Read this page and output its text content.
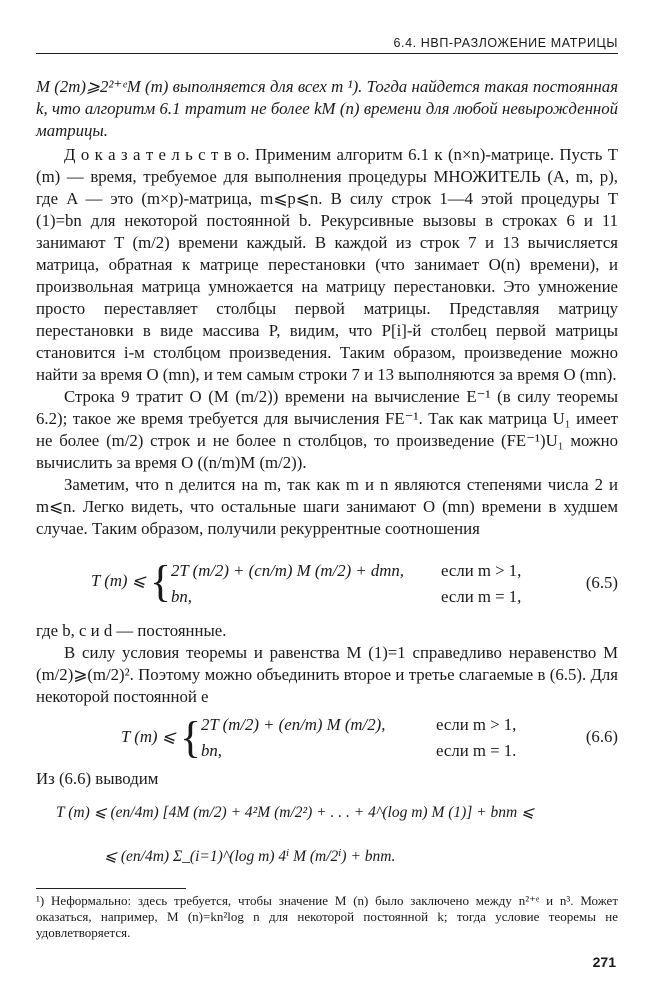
6.4. НВП-РАЗЛОЖЕНИЕ МАТРИЦЫ

M (2m)⩾2²⁺ᵉM (m) выполняется для всех m ¹). Тогда найдется такая постоянная k, что алгоритм 6.1 тратит не более kM (n) времени для любой невырожденной матрицы.

Д о к а з а т е л ь с т в о. Применим алгоритм 6.1 к (n×n)-матрице. Пусть T (m) — время, требуемое для выполнения процедуры МНОЖИТЕЛЬ (A, m, p), где A — это (m×p)-матрица, m⩽p⩽n. В силу строк 1—4 этой процедуры T (1)=bn для некоторой постоянной b. Рекурсивные вызовы в строках 6 и 11 занимают T (m/2) времени каждый. В каждой из строк 7 и 13 вычисляется матрица, обратная к матрице перестановки (что занимает O(n) времени), и произвольная матрица умножается на матрицу перестановки. Это умножение просто переставляет столбцы первой матрицы. Представляя матрицу перестановки в виде массива P, видим, что P[i]-й столбец первой матрицы становится i-м столбцом произведения. Таким образом, произведение можно найти за время O (mn), и тем самым строки 7 и 13 выполняются за время O (mn).

Строка 9 тратит O (M (m/2)) времени на вычисление E⁻¹ (в силу теоремы 6.2); такое же время требуется для вычисления FE⁻¹. Так как матрица U₁ имеет не более (m/2) строк и не более n столбцов, то произведение (FE⁻¹)U₁ можно вычислить за время O ((n/m)M (m/2)).

Заметим, что n делится на m, так как m и n являются степенями числа 2 и m⩽n. Легко видеть, что остальные шаги занимают O (mn) времени в худшем случае. Таким образом, получили рекуррентные соотношения

T (m) ⩽ { 2T (m/2) + (cn/m) M (m/2) + dmn, если m > 1,
bn,	если m = 1,
(6.5)

где b, c и d — постоянные.

В силу условия теоремы и равенства M (1)=1 справедливо неравенство M (m/2)⩾(m/2)². Поэтому можно объединить второе и третье слагаемые в (6.5). Для некоторой постоянной e

T (m) ⩽ { 2T (m/2) + (en/m) M (m/2),	если m > 1,
bn,	если m = 1.
(6.6)

Из (6.6) выводим

T (m) ⩽ (en/4m) [4M (m/2) + 4²M (m/2²) + . . . + 4^(log m) M (1)] + bnm ⩽
⩽ (en/4m) Σ_(i=1)^(log m) 4ⁱ M (m/2ⁱ) + bnm.
¹) Неформально: здесь требуется, чтобы значение M (n) было заключено между n²⁺ᵉ и n³. Может оказаться, например, M (n)=kn²log n для некоторой постоянной k; тогда условие теоремы не удовлетворяется.
271
